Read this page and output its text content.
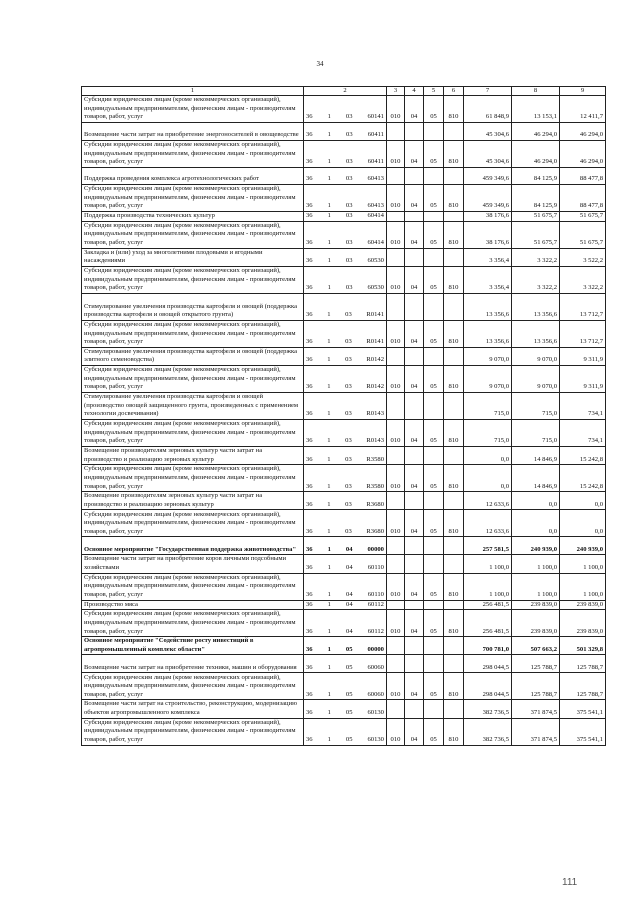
34
1	2	3	4	5	6	7	8	9
Субсидии юридическим лицам (кроме некоммерческих организаций), индивидуальным предпринимателям, физическим лицам - производителям товаров, работ, услуг	36 1 03 60141	010	04	05	810	61 848,9	13 153,1	12 411,7
Возмещение части затрат на приобретение энергоносителей в овощеводстве	36 1 03 60411					45 304,6	46 294,0	46 294,0
Субсидии юридическим лицам (кроме некоммерческих организаций), индивидуальным предпринимателям, физическим лицам - производителям товаров, работ, услуг	36 1 03 60411	010	04	05	810	45 304,6	46 294,0	46 294,0
Поддержка проведения комплекса агротехнологических работ	36 1 03 60413					459 349,6	84 125,9	88 477,8
Субсидии юридическим лицам (кроме некоммерческих организаций), индивидуальным предпринимателям, физическим лицам - производителям товаров, работ, услуг	36 1 03 60413	010	04	05	810	459 349,6	84 125,9	88 477,8
Поддержка производства технических культур	36 1 03 60414					38 176,6	51 675,7	51 675,7
Субсидии юридическим лицам (кроме некоммерческих организаций), индивидуальным предпринимателям, физическим лицам - производителям товаров, работ, услуг	36 1 03 60414	010	04	05	810	38 176,6	51 675,7	51 675,7
Закладка и (или) уход за многолетними плодовыми и ягодными насаждениями	36 1 03 60530					3 356,4	3 322,2	3 522,2
Субсидии юридическим лицам (кроме некоммерческих организаций), индивидуальным предпринимателям, физическим лицам - производителям товаров, работ, услуг	36 1 03 60530	010	04	05	810	3 356,4	3 322,2	3 322,2
Стимулирование увеличения производства картофеля и овощей (поддержка производства картофеля и овощей открытого грунта)	36 1 03 R0141					13 356,6	13 356,6	13 712,7
Субсидии юридическим лицам (кроме некоммерческих организаций), индивидуальным предпринимателям, физическим лицам - производителям товаров, работ, услуг	36 1 03 R0141	010	04	05	810	13 356,6	13 356,6	13 712,7
Стимулирование увеличения производства картофеля и овощей (поддержка элитного семеноводства)	36 1 03 R0142					9 070,0	9 070,0	9 311,9
Субсидии юридическим лицам (кроме некоммерческих организаций), индивидуальным предпринимателям, физическим лицам - производителям товаров, работ, услуг	36 1 03 R0142	010	04	05	810	9 070,0	9 070,0	9 311,9
Стимулирование увеличения производства картофеля и овощей (производство овощей защищенного грунта, произведенных с применением технологии досвечивания)	36 1 03 R0143					715,0	715,0	734,1
Субсидии юридическим лицам (кроме некоммерческих организаций), индивидуальным предпринимателям, физическим лицам - производителям товаров, работ, услуг	36 1 03 R0143	010	04	05	810	715,0	715,0	734,1
Возмещение производителям зерновых культур части затрат на производство и реализацию зерновых культур	36 1 03 R3580					0,0	14 846,9	15 242,8
Субсидии юридическим лицам (кроме некоммерческих организаций), индивидуальным предпринимателям, физическим лицам - производителям товаров, работ, услуг	36 1 03 R3580	010	04	05	810	0,0	14 846,9	15 242,8
Возмещение производителям зерновых культур части затрат на производство и реализацию зерновых культур	36 1 03 R3680					12 633,6	0,0	0,0
Субсидии юридическим лицам (кроме некоммерческих организаций), индивидуальным предпринимателям, физическим лицам - производителям товаров, работ, услуг	36 1 03 R3680	010	04	05	810	12 633,6	0,0	0,0
Основное мероприятие "Государственная поддержка животноводства"	36 1 04 00000					257 581,5	240 939,0	240 939,0
Возмещение части затрат на приобретение коров личными подсобными хозяйствами	36 1 04 60110					1 100,0	1 100,0	1 100,0
Субсидии юридическим лицам (кроме некоммерческих организаций), индивидуальным предпринимателям, физическим лицам - производителям товаров, работ, услуг	36 1 04 60110	010	04	05	810	1 100,0	1 100,0	1 100,0
Производство мяса	36 1 04 60112					256 481,5	239 839,0	239 839,0
Субсидии юридическим лицам (кроме некоммерческих организаций), индивидуальным предпринимателям, физическим лицам - производителям товаров, работ, услуг	36 1 04 60112	010	04	05	810	256 481,5	239 839,0	239 839,0
Основное мероприятие "Содействие росту инвестиций в агропромышленный комплекс области"	36 1 05 00000					700 781,0	507 663,2	501 329,8
Возмещение части затрат на приобретение техники, машин и оборудования	36 1 05 60060					298 044,5	125 788,7	125 788,7
Субсидии юридическим лицам (кроме некоммерческих организаций), индивидуальным предпринимателям, физическим лицам - производителям товаров, работ, услуг	36 1 05 60060	010	04	05	810	298 044,5	125 788,7	125 788,7
Возмещение части затрат на строительство, реконструкцию, модернизацию объектов агропромышленного комплекса	36 1 05 60130					382 736,5	371 874,5	375 541,1
Субсидии юридическим лицам (кроме некоммерческих организаций), индивидуальным предпринимателям, физическим лицам - производителям товаров, работ, услуг	36 1 05 60130	010	04	05	810	382 736,5	371 874,5	375 541,1
111
